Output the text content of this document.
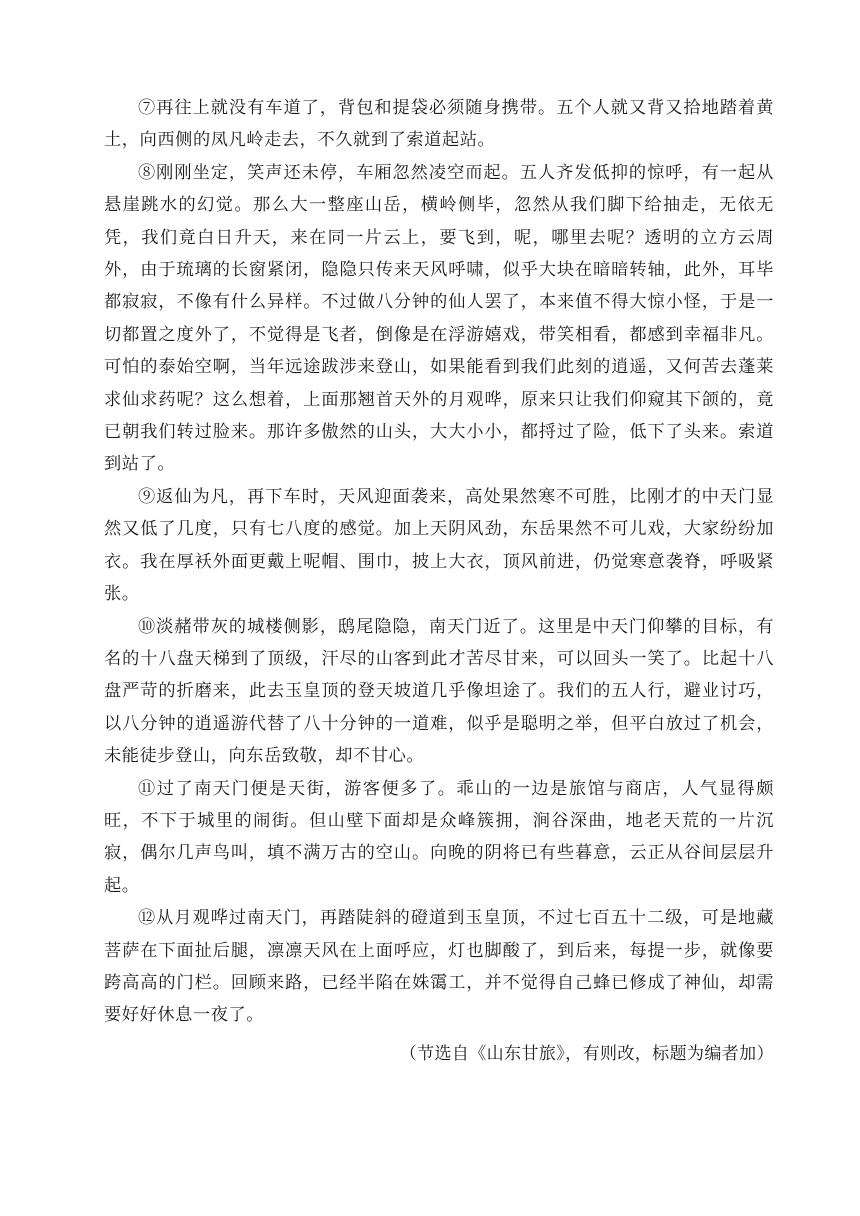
⑦再往上就没有车道了，背包和提袋必须随身携带。五个人就又背又拾地踏着黄土，向西侧的凤凡岭走去，不久就到了索道起站。

⑧刚刚坐定，笑声还未停，车厢忽然凌空而起。五人齐发低抑的惊呼，有一起从悬崖跳水的幻觉。那么大一整座山岳，横岭侧毕，忽然从我们脚下给抽走，无依无凭，我们竟白日升天，来在同一片云上，要飞到，呢，哪里去呢？透明的立方云周外，由于琉璃的长窗紧闭，隐隐只传来天风呼啸，似乎大块在暗暗转轴，此外，耳毕都寂寂，不像有什么异样。不过做八分钟的仙人罢了，本来值不得大惊小怪，于是一切都置之度外了，不觉得是飞者，倒像是在浮游嬉戏，带笑相看，都感到幸福非凡。可怕的泰始空啊，当年远途跋涉来登山，如果能看到我们此刻的逍遥，又何苦去蓬莱求仙求药呢？这么想着，上面那翘首天外的月观哗，原来只让我们仰窥其下颌的，竟已朝我们转过脸来。那许多傲然的山头，大大小小，都捋过了险，低下了头来。索道到站了。

⑨返仙为凡，再下车时，天风迎面袭来，高处果然寒不可胜，比刚才的中天门显然又低了几度，只有七八度的感觉。加上天阴风劲，东岳果然不可儿戏，大家纷纷加衣。我在厚袄外面更戴上呢帽、围巾，披上大衣，顶风前进，仍觉寒意袭脊，呼吸紧张。

⑩淡赭带灰的城楼侧影，鸱尾隐隐，南天门近了。这里是中天门仰攀的目标，有名的十八盘天梯到了顶级，汗尽的山客到此才苦尽甘来，可以回头一笑了。比起十八盘严苛的折磨来，此去玉皇顶的登天坡道几乎像坦途了。我们的五人行，避业讨巧，以八分钟的逍遥游代替了八十分钟的一道难，似乎是聪明之举，但平白放过了机会，未能徒步登山，向东岳致敬，却不甘心。

⑪过了南天门便是天街，游客便多了。乖山的一边是旅馆与商店，人气显得颇旺，不下于城里的闹街。但山壁下面却是众峰簇拥，涧谷深曲，地老天荒的一片沉寂，偶尔几声鸟叫，填不满万古的空山。向晚的阴将已有些暮意，云正从谷间层层升起。

⑫从月观哗过南天门，再踏陡斜的磴道到玉皇顶，不过七百五十二级，可是地藏菩萨在下面扯后腿，凛凛天风在上面呼应，灯也脚酸了，到后来，每提一步，就像要跨高高的门栏。回顾来路，已经半陷在姝霭工，并不觉得自己蜂已修成了神仙，却需要好好休息一夜了。

（节选自《山东甘旅》，有则改，标题为编者加）
